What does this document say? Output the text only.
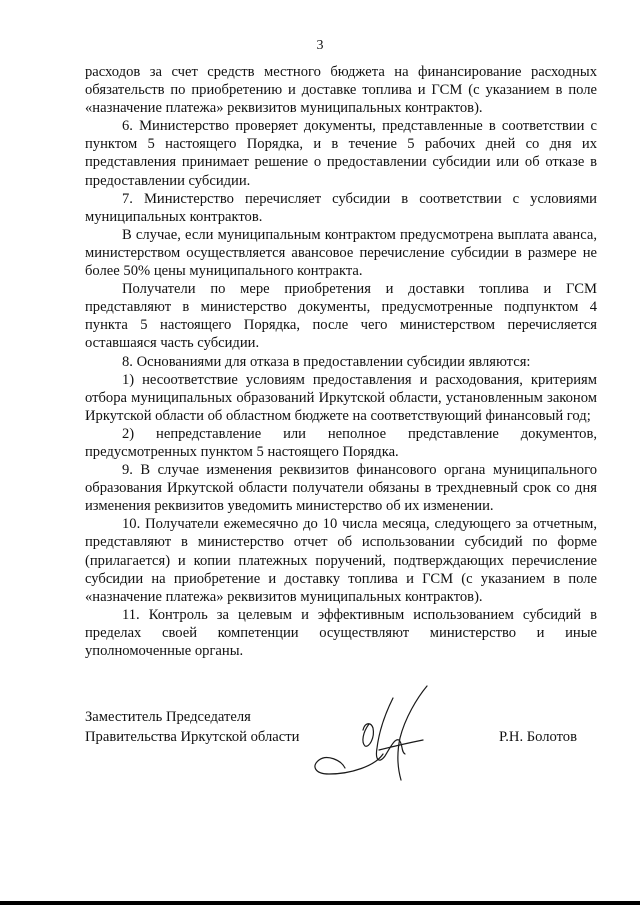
3

расходов за счет средств местного бюджета на финансирование расходных обязательств по приобретению и доставке топлива и ГСМ (с указанием в поле «назначение платежа» реквизитов муниципальных контрактов).

6. Министерство проверяет документы, представленные в соответствии с пунктом 5 настоящего Порядка, и в течение 5 рабочих дней со дня их представления принимает решение о предоставлении субсидии или об отказе в предоставлении субсидии.

7. Министерство перечисляет субсидии в соответствии с условиями муниципальных контрактов.

В случае, если муниципальным контрактом предусмотрена выплата аванса, министерством осуществляется авансовое перечисление субсидии в размере не более 50% цены муниципального контракта.

Получатели по мере приобретения и доставки топлива и ГСМ представляют в министерство документы, предусмотренные подпунктом 4 пункта 5 настоящего Порядка, после чего министерством перечисляется оставшаяся часть субсидии.

8. Основаниями для отказа в предоставлении субсидии являются:

1) несоответствие условиям предоставления и расходования, критериям отбора муниципальных образований Иркутской области, установленным законом Иркутской области об областном бюджете на соответствующий финансовый год;

2) непредставление или неполное представление документов, предусмотренных пунктом 5 настоящего Порядка.

9. В случае изменения реквизитов финансового органа муниципального образования Иркутской области получатели обязаны в трехдневный срок со дня изменения реквизитов уведомить министерство об их изменении.

10. Получатели ежемесячно до 10 числа месяца, следующего за отчетным, представляют в министерство отчет об использовании субсидий по форме (прилагается) и копии платежных поручений, подтверждающих перечисление субсидии на приобретение и доставку топлива и ГСМ (с указанием в поле «назначение платежа» реквизитов муниципальных контрактов).

11. Контроль за целевым и эффективным использованием субсидий в пределах своей компетенции осуществляют министерство и иные уполномоченные органы.

Заместитель Председателя

Правительства Иркутской области	Р.Н. Болотов
